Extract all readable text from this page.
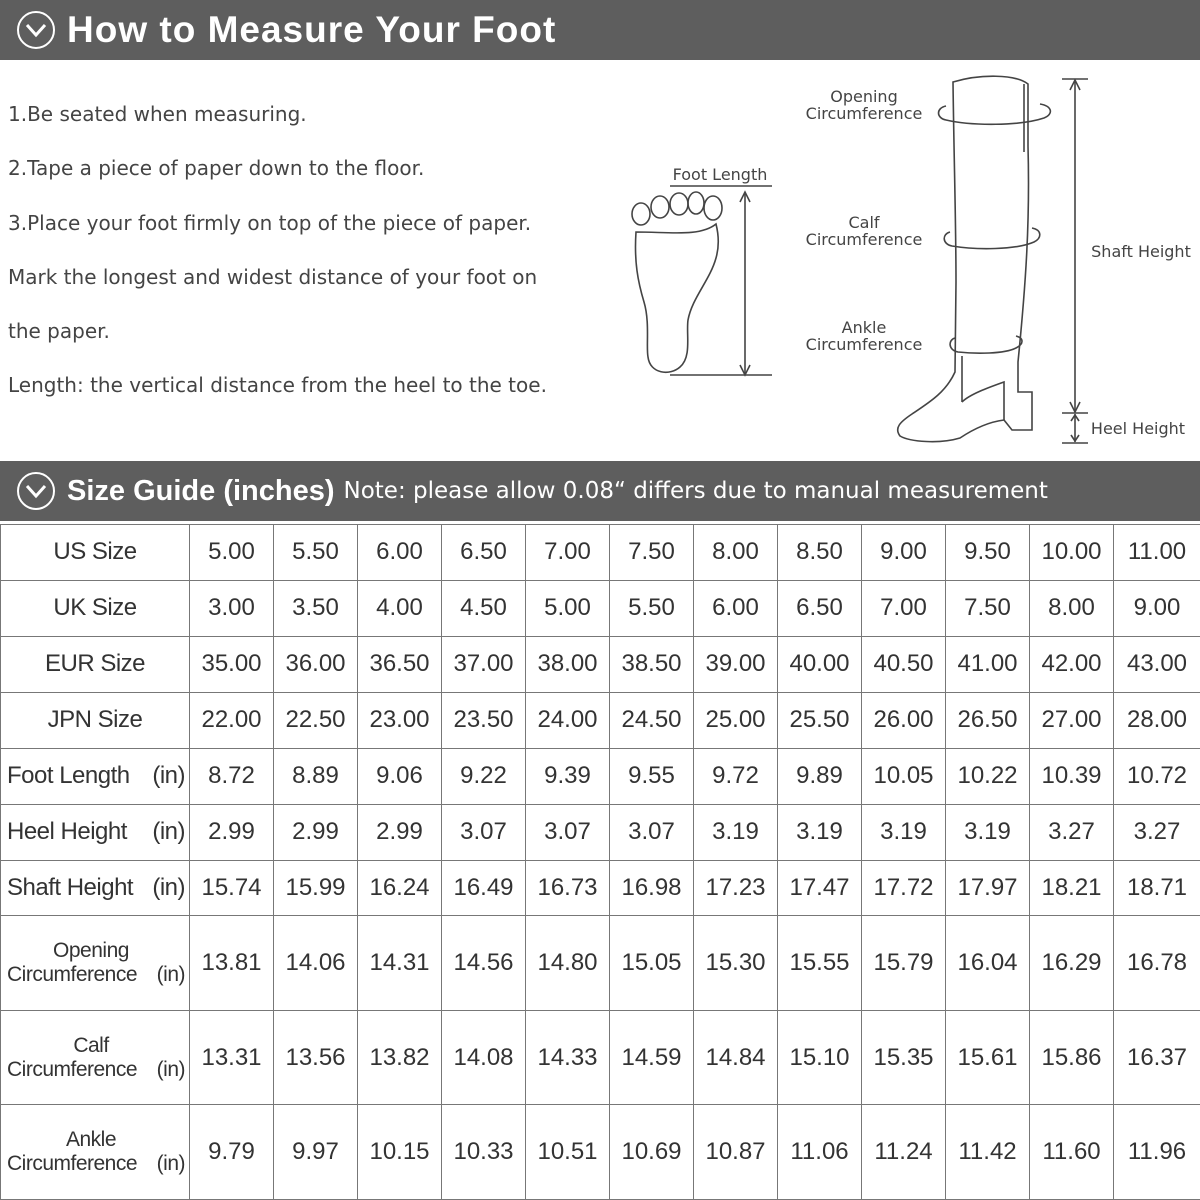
How to Measure Your Foot

1.Be seated when measuring.

2.Tape a piece of paper down to the floor.

3.Place your foot firmly on top of the piece of paper.

Mark the longest and widest distance of your foot on

the paper.

Length: the vertical distance from the heel to the toe.

Foot Length
Opening
Circumference
Calf
Circumference
Ankle
Circumference
Shaft Height
Heel Height
Size Guide (inches) Note: please allow 0.08“ differs due to manual measurement
US Size	5.00	5.50	6.00	6.50	7.00	7.50	8.00	8.50	9.00	9.50	10.00	11.00
UK Size	3.00	3.50	4.00	4.50	5.00	5.50	6.00	6.50	7.00	7.50	8.00	9.00
EUR Size	35.00	36.00	36.50	37.00	38.00	38.50	39.00	40.00	40.50	41.00	42.00	43.00
JPN Size	22.00	22.50	23.00	23.50	24.00	24.50	25.00	25.50	26.00	26.50	27.00	28.00

Foot Length (in)	8.72	8.89	9.06	9.22	9.39	9.55	9.72	9.89	10.05	10.22	10.39	10.72

Heel Height (in)	2.99	2.99	2.99	3.07	3.07	3.07	3.19	3.19	3.19	3.19	3.27	3.27

Shaft Height (in)	15.74	15.99	16.24	16.49	16.73	16.98	17.23	17.47	17.72	17.97	18.21	18.71

Opening
Circumference (in)	13.81	14.06	14.31	14.56	14.80	15.05	15.30	15.55	15.79	16.04	16.29	16.78

Calf
Circumference (in)	13.31	13.56	13.82	14.08	14.33	14.59	14.84	15.10	15.35	15.61	15.86	16.37

Ankle
Circumference (in)	9.79	9.97	10.15	10.33	10.51	10.69	10.87	11.06	11.24	11.42	11.60	11.96
